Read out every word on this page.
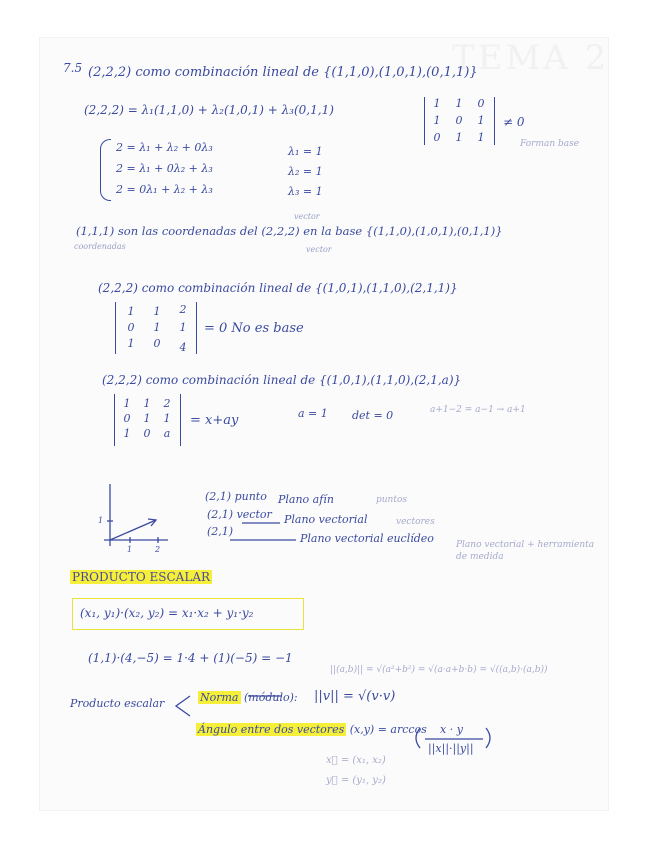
TEMA 2
7.5 (2,2,2) como combinación lineal de {(1,1,0),(1,0,1),(0,1,1)}
(2,2,2) = λ₁(1,1,0) + λ₂(1,0,1) + λ₃(0,1,1)	1	1	0
1	0	1
0	1	1
≠ 0
Forman base
2 = λ₁ + λ₂ + 0λ₃
2 = λ₁ + 0λ₂ + λ₃
2 = 0λ₁ + λ₂ + λ₃
λ₁ = 1
λ₂ = 1
λ₃ = 1
vector
(1,1,1) son las coordenadas del (2,2,2) en la base {(1,1,0),(1,0,1),(0,1,1)}
coordenadas	vector
(2,2,2) como combinación lineal de {(1,0,1),(1,1,0),(2,1,1)}
1	1	2
0	1	1
1	0	4
= 0 No es base
(2,2,2) como combinación lineal de {(1,0,1),(1,1,0),(2,1,a)}
1	1	2
0	1	1
1	0	a
= x+ay	a = 1 det = 0	a+1−2 = a−1 → a+1
1
1	2
(2,1) punto Plano afín	puntos
(2,1) vector Plano vectorial	vectores
(2,1)
Plano vectorial euclídeo Plano vectorial + herramienta de medida
PRODUCTO ESCALAR
(x₁, y₁)·(x₂, y₂) = x₁·x₂ + y₁·y₂
(1,1)·(4,−5) = 1·4 + (1)(−5) = −1
||(a,b)|| = √(a²+b²) = √(a·a+b·b) = √((a,b)·(a,b))
Producto escalar	Norma (módulo): ||v|| = √(v·v)
Ángulo entre dos vectores (x,y) = arccos x · y
||x||·||y||
x⃗ = (x₁, x₂)
y⃗ = (y₁, y₂)
